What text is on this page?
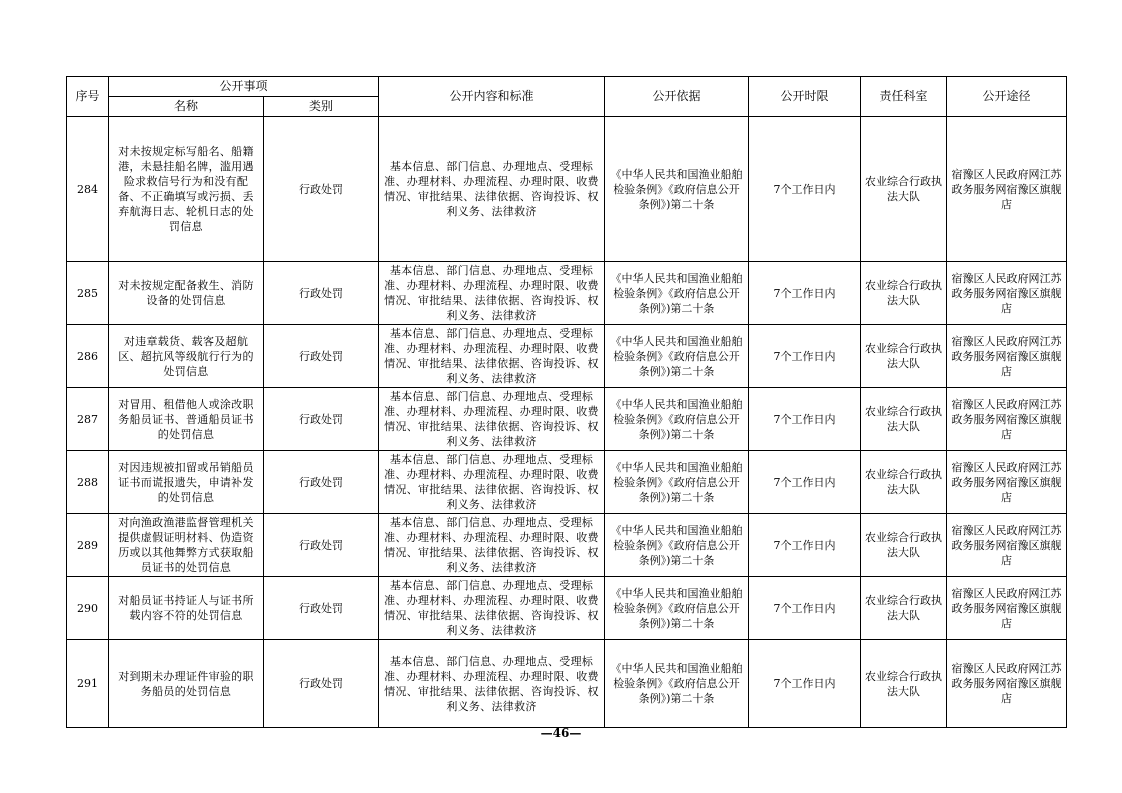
序号	公开事项		公开内容和标准	公开依据	公开时限	责任科室	公开途径
	名称	类别					
284	对未按规定标写船名、船籍港，未悬挂船名牌，滥用遇险求救信号行为和没有配备、不正确填写或污损、丢弃航海日志、轮机日志的处罚信息	行政处罚	基本信息、部门信息、办理地点、受理标准、办理材料、办理流程、办理时限、收费情况、审批结果、法律依据、咨询投诉、权利义务、法律救济	《中华人民共和国渔业船舶检验条例》《政府信息公开条例》)第二十条	7个工作日内	农业综合行政执法大队	宿豫区人民政府网江苏政务服务网宿豫区旗舰店
285	对未按规定配备救生、消防设备的处罚信息	行政处罚	基本信息、部门信息、办理地点、受理标准、办理材料、办理流程、办理时限、收费情况、审批结果、法律依据、咨询投诉、权利义务、法律救济	《中华人民共和国渔业船舶检验条例》《政府信息公开条例》)第二十条	7个工作日内	农业综合行政执法大队	宿豫区人民政府网江苏政务服务网宿豫区旗舰店
286	对违章载货、载客及超航区、超抗风等级航行行为的处罚信息	行政处罚	基本信息、部门信息、办理地点、受理标准、办理材料、办理流程、办理时限、收费情况、审批结果、法律依据、咨询投诉、权利义务、法律救济	《中华人民共和国渔业船舶检验条例》《政府信息公开条例》)第二十条	7个工作日内	农业综合行政执法大队	宿豫区人民政府网江苏政务服务网宿豫区旗舰店
287	对冒用、租借他人或涂改职务船员证书、普通船员证书的处罚信息	行政处罚	基本信息、部门信息、办理地点、受理标准、办理材料、办理流程、办理时限、收费情况、审批结果、法律依据、咨询投诉、权利义务、法律救济	《中华人民共和国渔业船舶检验条例》《政府信息公开条例》)第二十条	7个工作日内	农业综合行政执法大队	宿豫区人民政府网江苏政务服务网宿豫区旗舰店
288	对因违规被扣留或吊销船员证书而谎报遗失，申请补发的处罚信息	行政处罚	基本信息、部门信息、办理地点、受理标准、办理材料、办理流程、办理时限、收费情况、审批结果、法律依据、咨询投诉、权利义务、法律救济	《中华人民共和国渔业船舶检验条例》《政府信息公开条例》)第二十条	7个工作日内	农业综合行政执法大队	宿豫区人民政府网江苏政务服务网宿豫区旗舰店
289	对向渔政渔港监督管理机关提供虚假证明材料、伪造资历或以其他舞弊方式获取船员证书的处罚信息	行政处罚	基本信息、部门信息、办理地点、受理标准、办理材料、办理流程、办理时限、收费情况、审批结果、法律依据、咨询投诉、权利义务、法律救济	《中华人民共和国渔业船舶检验条例》《政府信息公开条例》)第二十条	7个工作日内	农业综合行政执法大队	宿豫区人民政府网江苏政务服务网宿豫区旗舰店
290	对船员证书持证人与证书所载内容不符的处罚信息	行政处罚	基本信息、部门信息、办理地点、受理标准、办理材料、办理流程、办理时限、收费情况、审批结果、法律依据、咨询投诉、权利义务、法律救济	《中华人民共和国渔业船舶检验条例》《政府信息公开条例》)第二十条	7个工作日内	农业综合行政执法大队	宿豫区人民政府网江苏政务服务网宿豫区旗舰店
291	对到期未办理证件审验的职务船员的处罚信息	行政处罚	基本信息、部门信息、办理地点、受理标准、办理材料、办理流程、办理时限、收费情况、审批结果、法律依据、咨询投诉、权利义务、法律救济	《中华人民共和国渔业船舶检验条例》《政府信息公开条例》)第二十条	7个工作日内	农业综合行政执法大队	宿豫区人民政府网江苏政务服务网宿豫区旗舰店
—46—
